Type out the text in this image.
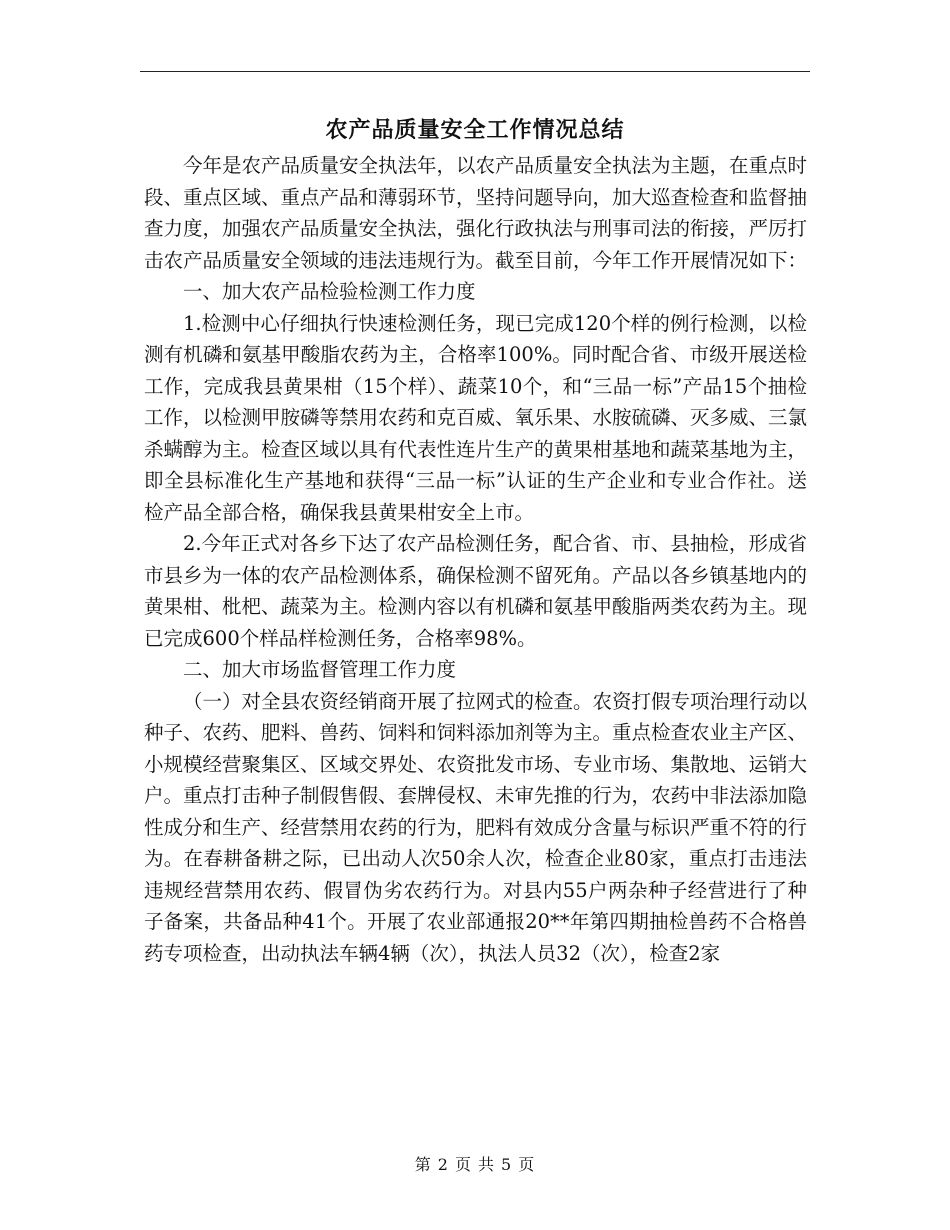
农产品质量安全工作情况总结

今年是农产品质量安全执法年，以农产品质量安全执法为主题，在重点时段、重点区域、重点产品和薄弱环节，坚持问题导向，加大巡查检查和监督抽查力度，加强农产品质量安全执法，强化行政执法与刑事司法的衔接，严厉打击农产品质量安全领域的违法违规行为。截至目前，今年工作开展情况如下：

一、加大农产品检验检测工作力度

1.检测中心仔细执行快速检测任务，现已完成120个样的例行检测，以检测有机磷和氨基甲酸脂农药为主，合格率100%。同时配合省、市级开展送检工作，完成我县黄果柑（15个样）、蔬菜10个，和“三品一标”产品15个抽检工作，以检测甲胺磷等禁用农药和克百威、氧乐果、水胺硫磷、灭多威、三氯杀螨醇为主。检查区域以具有代表性连片生产的黄果柑基地和蔬菜基地为主，即全县标准化生产基地和获得“三品一标”认证的生产企业和专业合作社。送检产品全部合格，确保我县黄果柑安全上市。

2.今年正式对各乡下达了农产品检测任务，配合省、市、县抽检，形成省市县乡为一体的农产品检测体系，确保检测不留死角。产品以各乡镇基地内的黄果柑、枇杷、蔬菜为主。检测内容以有机磷和氨基甲酸脂两类农药为主。现已完成600个样品样检测任务，合格率98%。

二、加大市场监督管理工作力度

（一）对全县农资经销商开展了拉网式的检查。农资打假专项治理行动以种子、农药、肥料、兽药、饲料和饲料添加剂等为主。重点检查农业主产区、小规模经营聚集区、区域交界处、农资批发市场、专业市场、集散地、运销大户。重点打击种子制假售假、套牌侵权、未审先推的行为，农药中非法添加隐性成分和生产、经营禁用农药的行为，肥料有效成分含量与标识严重不符的行为。在春耕备耕之际，已出动人次50余人次，检查企业80家，重点打击违法违规经营禁用农药、假冒伪劣农药行为。对县内55户两杂种子经营进行了种子备案，共备品种41个。开展了农业部通报20**年第四期抽检兽药不合格兽药专项检查，出动执法车辆4辆（次），执法人员32（次），检查2家

第 2 页 共 5 页
